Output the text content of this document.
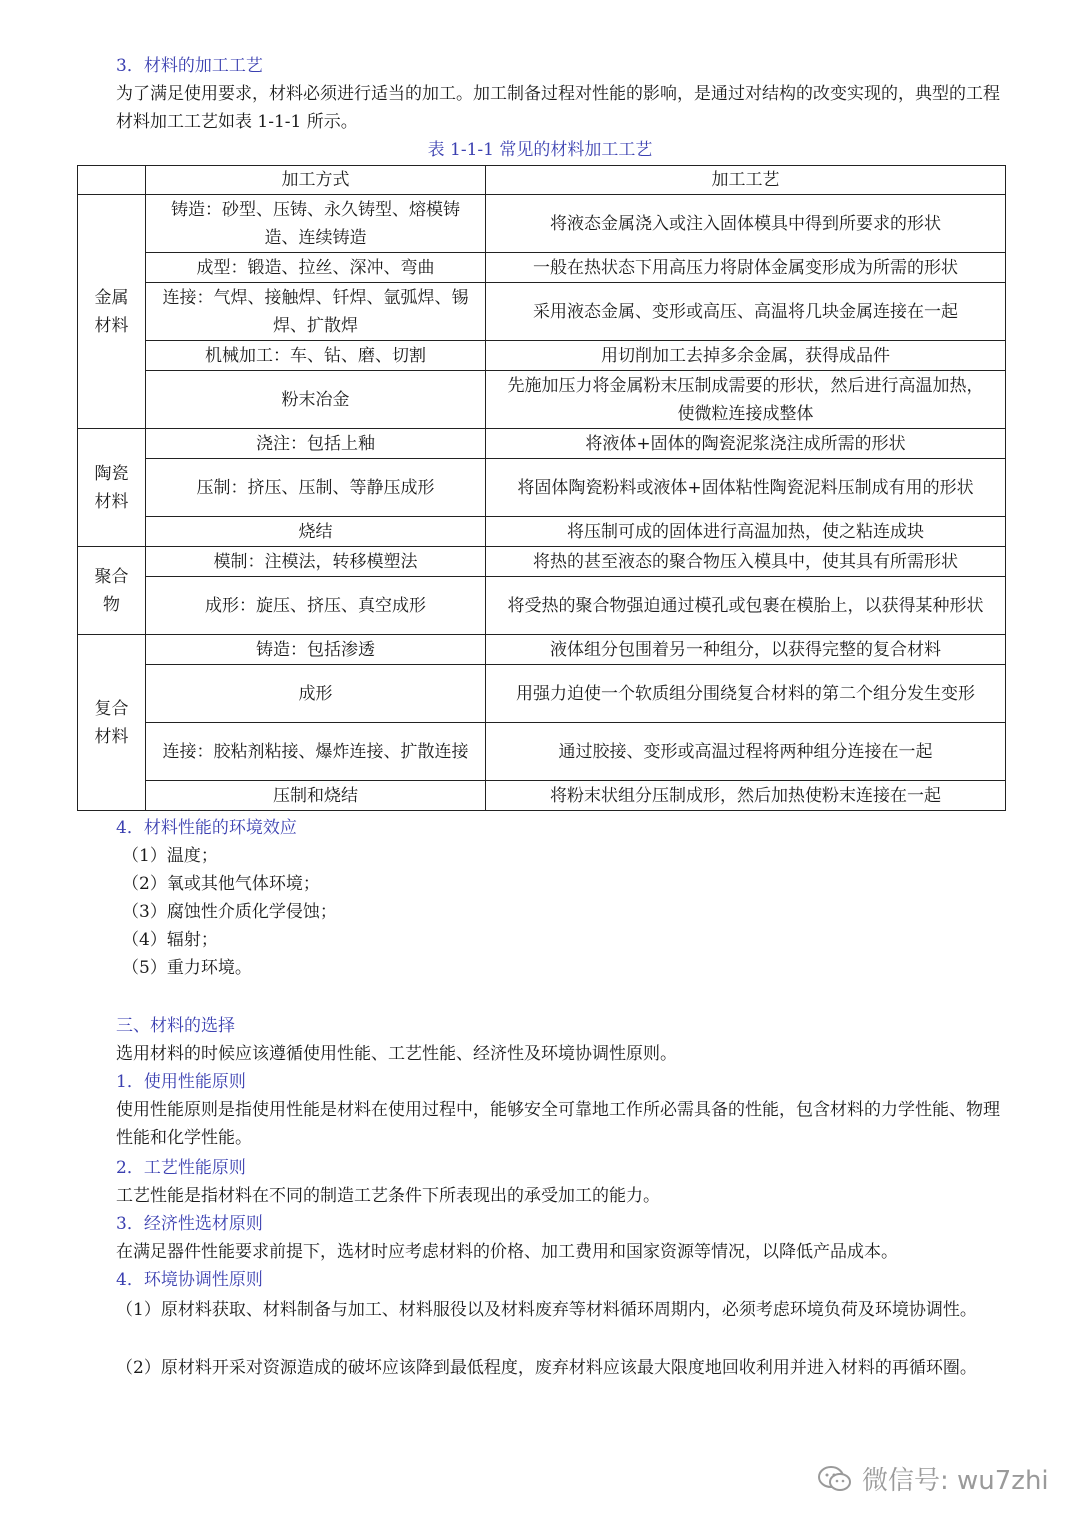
3．材料的加工工艺
为了满足使用要求，材料必须进行适当的加工。加工制备过程对性能的影响，是通过对结构的改变实现的，典型的工程材料加工工艺如表 1-1-1 所示。
表 1-1-1 常见的材料加工工艺
	加工方式	加工工艺
金属材料	铸造：砂型、压铸、永久铸型、熔模铸造、连续铸造	将液态金属浇入或注入固体模具中得到所要求的形状
	成型：锻造、拉丝、深冲、弯曲	一般在热状态下用高压力将尉体金属变形成为所需的形状
	连接：气焊、接触焊、钎焊、氩弧焊、锡焊、扩散焊	采用液态金属、变形或高压、高温将几块金属连接在一起
	机械加工：车、钻、磨、切割	用切削加工去掉多余金属，获得成品件
	粉末冶金	先施加压力将金属粉末压制成需要的形状，然后进行高温加热，使微粒连接成整体
陶瓷材料	浇注：包括上釉	将液体+固体的陶瓷泥浆浇注成所需的形状
	压制：挤压、压制、等静压成形	将固体陶瓷粉料或液体+固体粘性陶瓷泥料压制成有用的形状
	烧结	将压制可成的固体进行高温加热，使之粘连成块
聚合物	模制：注模法，转移模塑法	将热的甚至液态的聚合物压入模具中，使其具有所需形状
	成形：旋压、挤压、真空成形	将受热的聚合物强迫通过模孔或包裹在模胎上，以获得某种形状
复合材料	铸造：包括渗透	液体组分包围着另一种组分，以获得完整的复合材料
	成形	用强力迫使一个软质组分围绕复合材料的第二个组分发生变形
	连接：胶粘剂粘接、爆炸连接、扩散连接	通过胶接、变形或高温过程将两种组分连接在一起
	压制和烧结	将粉末状组分压制成形，然后加热使粉末连接在一起
4．材料性能的环境效应
（1）温度；
（2）氧或其他气体环境；
（3）腐蚀性介质化学侵蚀；
（4）辐射；
（5）重力环境。
三、材料的选择
选用材料的时候应该遵循使用性能、工艺性能、经济性及环境协调性原则。
1．使用性能原则
使用性能原则是指使用性能是材料在使用过程中，能够安全可靠地工作所必需具备的性能，包含材料的力学性能、物理性能和化学性能。
2．工艺性能原则
工艺性能是指材料在不同的制造工艺条件下所表现出的承受加工的能力。
3．经济性选材原则
在满足器件性能要求前提下，选材时应考虑材料的价格、加工费用和国家资源等情况，以降低产品成本。
4．环境协调性原则
（1）原材料获取、材料制备与加工、材料服役以及材料废弃等材料循环周期内，必须考虑环境负荷及环境协调性。
（2）原材料开采对资源造成的破坏应该降到最低程度，废弃材料应该最大限度地回收利用并进入材料的再循环圈。
微信号: wu7zhi
